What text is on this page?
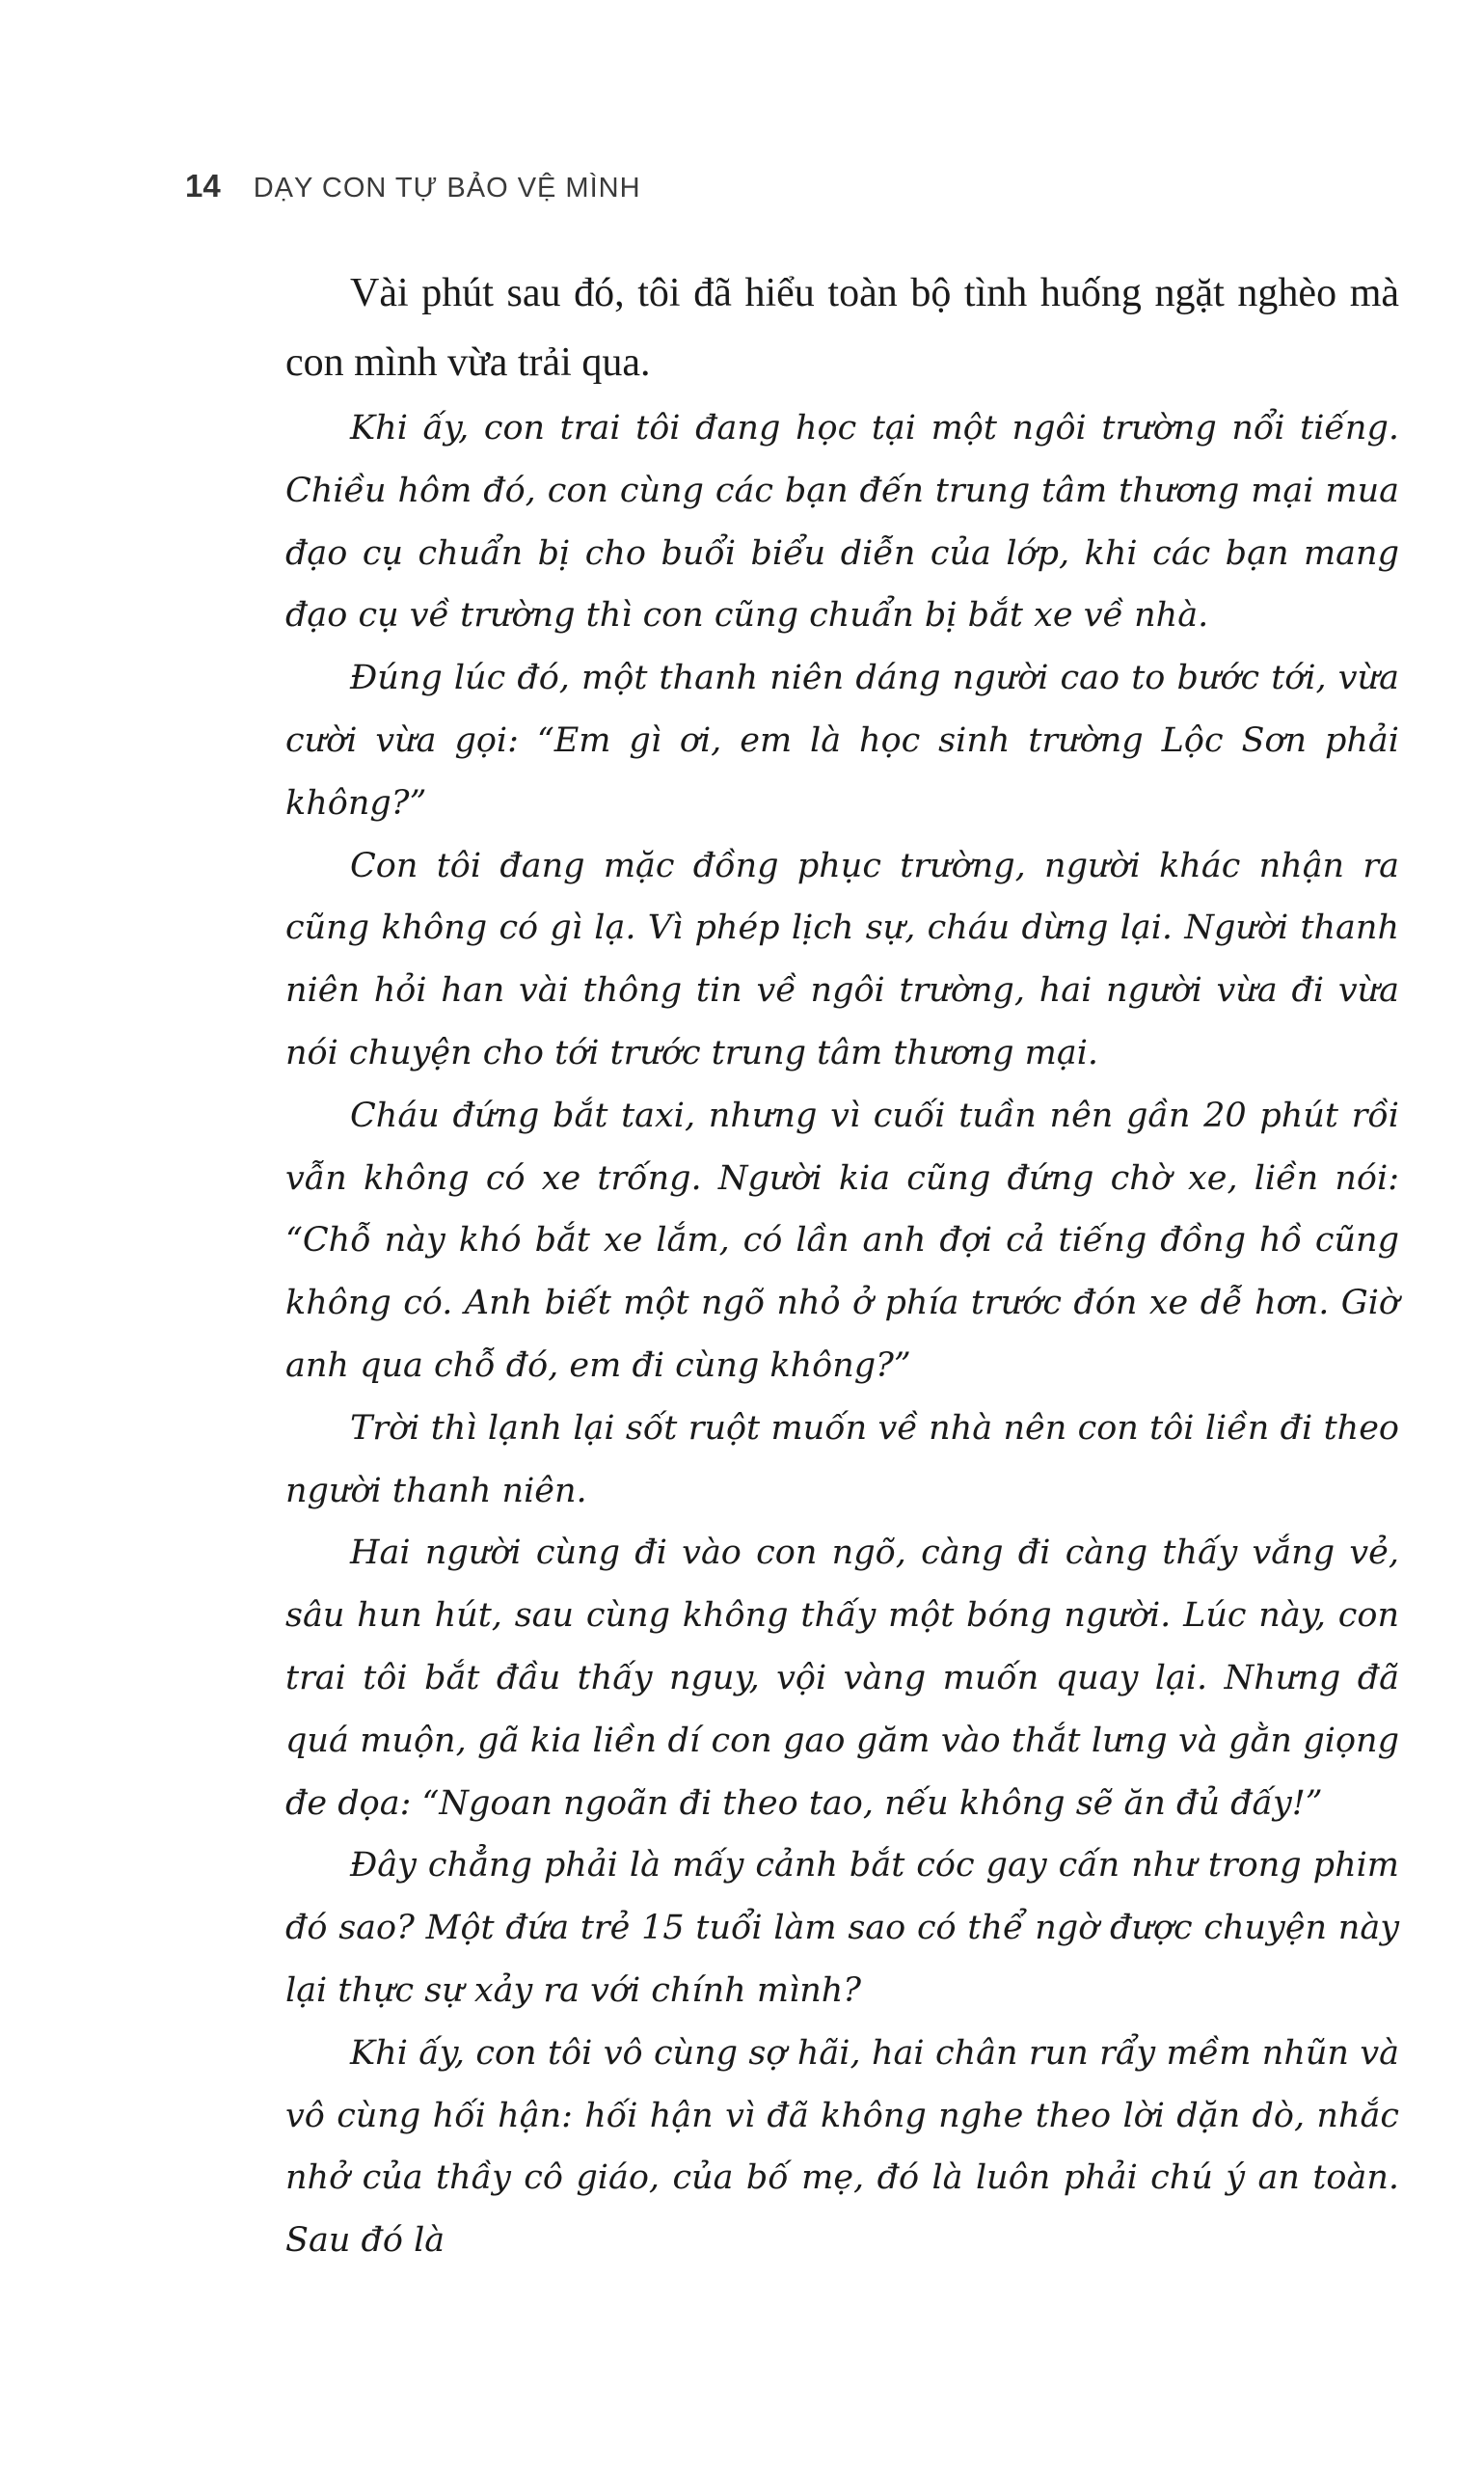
14 DẠY CON TỰ BẢO VỆ MÌNH

Vài phút sau đó, tôi đã hiểu toàn bộ tình huống ngặt nghèo mà con mình vừa trải qua.

Khi ấy, con trai tôi đang học tại một ngôi trường nổi tiếng. Chiều hôm đó, con cùng các bạn đến trung tâm thương mại mua đạo cụ chuẩn bị cho buổi biểu diễn của lớp, khi các bạn mang đạo cụ về trường thì con cũng chuẩn bị bắt xe về nhà.

Đúng lúc đó, một thanh niên dáng người cao to bước tới, vừa cười vừa gọi: “Em gì ơi, em là học sinh trường Lộc Sơn phải không?”

Con tôi đang mặc đồng phục trường, người khác nhận ra cũng không có gì lạ. Vì phép lịch sự, cháu dừng lại. Người thanh niên hỏi han vài thông tin về ngôi trường, hai người vừa đi vừa nói chuyện cho tới trước trung tâm thương mại.

Cháu đứng bắt taxi, nhưng vì cuối tuần nên gần 20 phút rồi vẫn không có xe trống. Người kia cũng đứng chờ xe, liền nói: “Chỗ này khó bắt xe lắm, có lần anh đợi cả tiếng đồng hồ cũng không có. Anh biết một ngõ nhỏ ở phía trước đón xe dễ hơn. Giờ anh qua chỗ đó, em đi cùng không?”

Trời thì lạnh lại sốt ruột muốn về nhà nên con tôi liền đi theo người thanh niên.

Hai người cùng đi vào con ngõ, càng đi càng thấy vắng vẻ, sâu hun hút, sau cùng không thấy một bóng người. Lúc này, con trai tôi bắt đầu thấy nguy, vội vàng muốn quay lại. Nhưng đã quá muộn, gã kia liền dí con gao găm vào thắt lưng và gằn giọng đe dọa: “Ngoan ngoãn đi theo tao, nếu không sẽ ăn đủ đấy!”

Đây chẳng phải là mấy cảnh bắt cóc gay cấn như trong phim đó sao? Một đứa trẻ 15 tuổi làm sao có thể ngờ được chuyện này lại thực sự xảy ra với chính mình?

Khi ấy, con tôi vô cùng sợ hãi, hai chân run rẩy mềm nhũn và vô cùng hối hận: hối hận vì đã không nghe theo lời dặn dò, nhắc nhở của thầy cô giáo, của bố mẹ, đó là luôn phải chú ý an toàn. Sau đó là
